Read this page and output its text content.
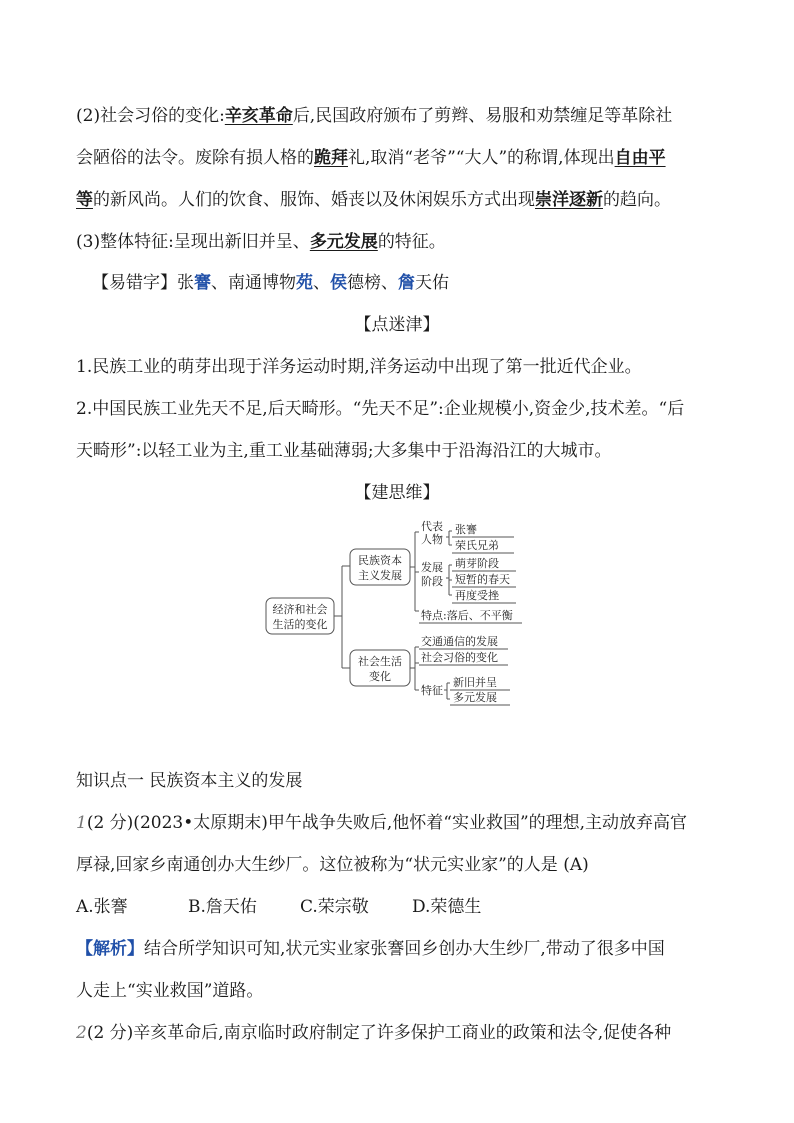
(2)社会习俗的变化:辛亥革命后,民国政府颁布了剪辫、易服和劝禁缠足等革除社
会陋俗的法令。废除有损人格的跪拜礼,取消“老爷”“大人”的称谓,体现出自由平
等的新风尚。人们的饮食、服饰、婚丧以及休闲娱乐方式出现崇洋逐新的趋向。
(3)整体特征:呈现出新旧并呈、多元发展的特征。
【易错字】张謇、南通博物苑、侯德榜、詹天佑
【点迷津】
1.民族工业的萌芽出现于洋务运动时期,洋务运动中出现了第一批近代企业。
2.中国民族工业先天不足,后天畸形。“先天不足”:企业规模小,资金少,技术差。“后
天畸形”:以轻工业为主,重工业基础薄弱;大多集中于沿海沿江的大城市。
【建思维】
经济和社会
生活的变化
民族资本
主义发展
代表
人物
张謇
荣氏兄弟
发展
阶段
萌芽阶段
短暂的春天
再度受挫
特点:落后、不平衡
社会生活
变化
交通通信的发展
社会习俗的变化
特征
新旧并呈
多元发展
知识点一 民族资本主义的发展
1(2 分)(2023•太原期末)甲午战争失败后,他怀着“实业救国”的理想,主动放弃高官
厚禄,回家乡南通创办大生纱厂。这位被称为“状元实业家”的人是 (A)
A.张謇	B.詹天佑	C.荣宗敬	D.荣德生
【解析】结合所学知识可知,状元实业家张謇回乡创办大生纱厂,带动了很多中国
人走上“实业救国”道路。
2(2 分)辛亥革命后,南京临时政府制定了许多保护工商业的政策和法令,促使各种
